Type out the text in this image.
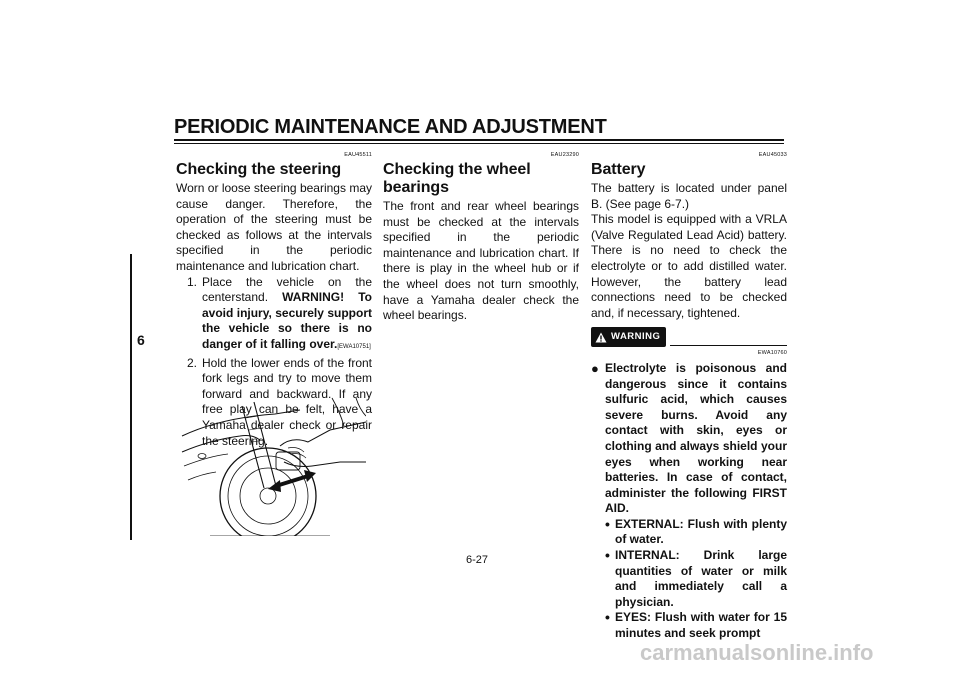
PERIODIC MAINTENANCE AND ADJUSTMENT
6
EAU45511
Checking the steering

Worn or loose steering bearings may cause danger. Therefore, the operation of the steering must be checked as follows at the intervals specified in the periodic maintenance and lubrication chart.

1. Place the vehicle on the centerstand. WARNING! To avoid injury, securely support the vehicle so there is no danger of it falling over.[EWA10751]
2. Hold the lower ends of the front fork legs and try to move them forward and backward. If any free play can be felt, have a Yamaha dealer check or repair the steering.
EAU23290
Checking the wheel bearings

The front and rear wheel bearings must be checked at the intervals specified in the periodic maintenance and lubrication chart. If there is play in the wheel hub or if the wheel does not turn smoothly, have a Yamaha dealer check the wheel bearings.

EAU45033
Battery

The battery is located under panel B. (See page 6-7.)

This model is equipped with a VRLA (Valve Regulated Lead Acid) battery. There is no need to check the electrolyte or to add distilled water. However, the battery lead connections need to be checked and, if necessary, tightened.

WARNING
EWA10760
● Electrolyte is poisonous and dangerous since it contains sulfuric acid, which causes severe burns. Avoid any contact with skin, eyes or clothing and always shield your eyes when working near batteries. In case of contact, administer the following FIRST AID.
• EXTERNAL: Flush with plenty of water.
• INTERNAL: Drink large quantities of water or milk and immediately call a physician.
• EYES: Flush with water for 15 minutes and seek prompt
6-27
carmanualsonline.info
